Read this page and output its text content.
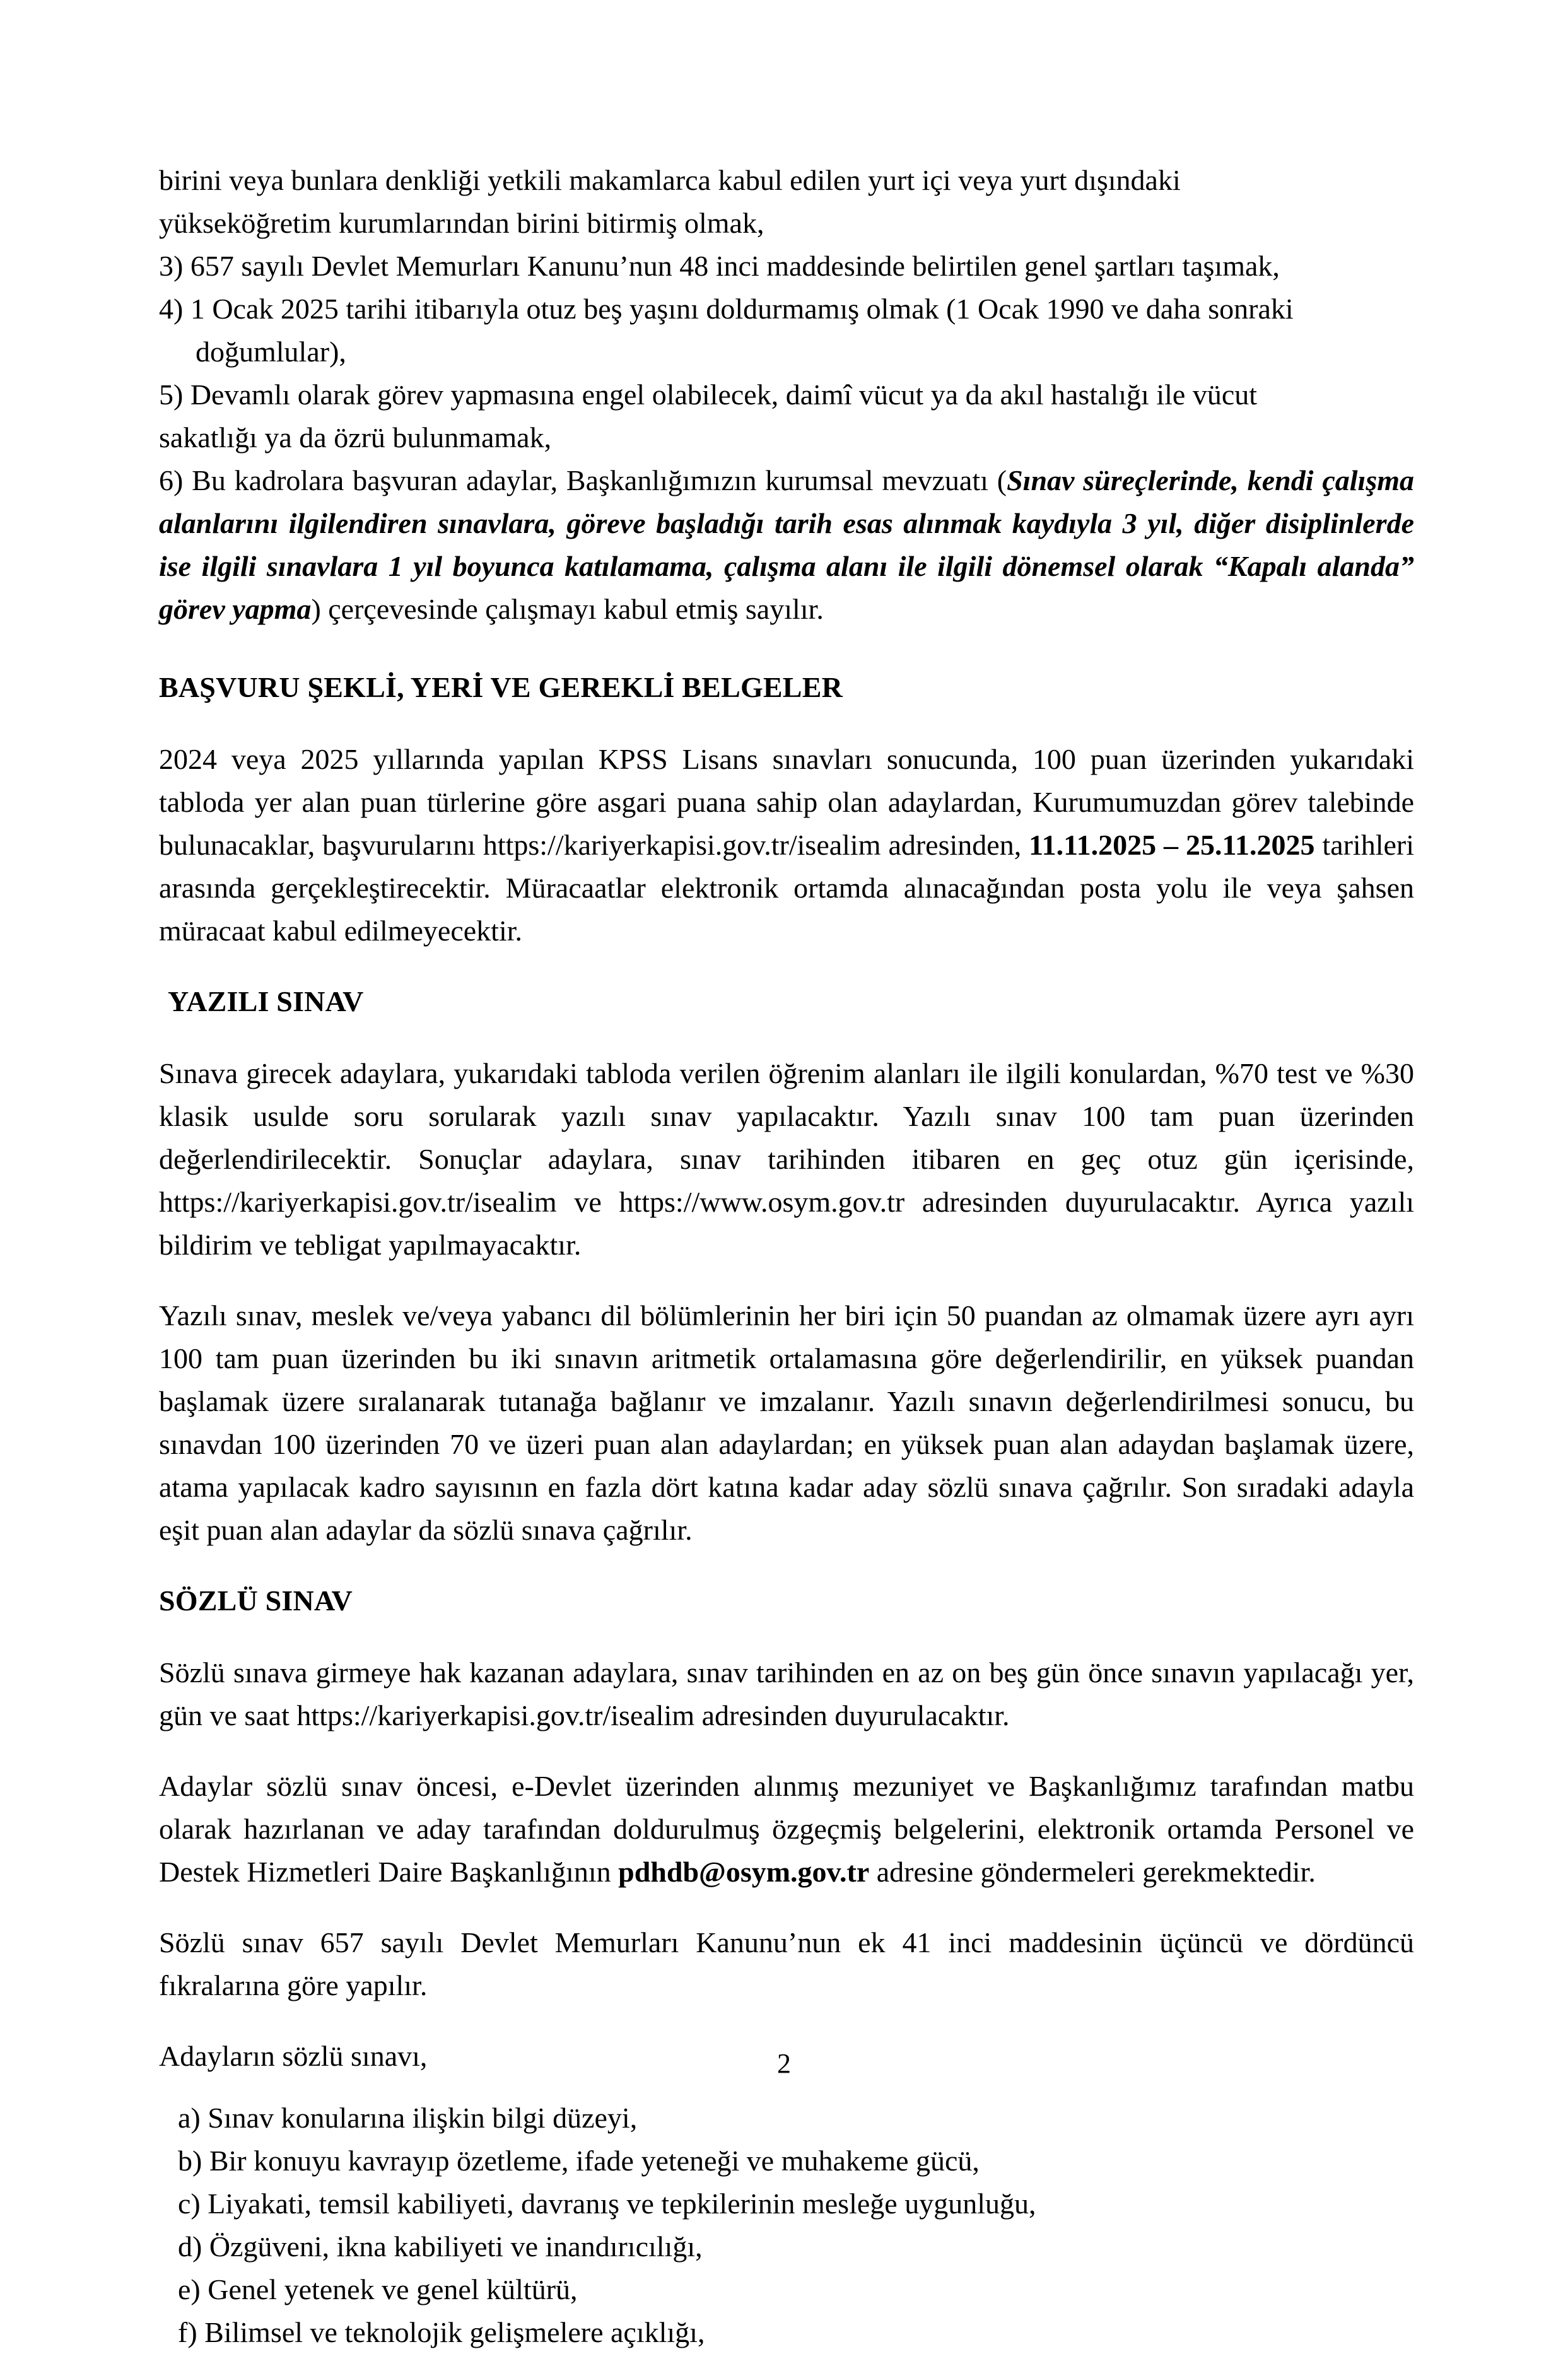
birini veya bunlara denkliği yetkili makamlarca kabul edilen yurt içi veya yurt dışındaki
yükseköğretim kurumlarından birini bitirmiş olmak,
3) 657 sayılı Devlet Memurları Kanunu’nun 48 inci maddesinde belirtilen genel şartları taşımak,
4) 1 Ocak 2025 tarihi itibarıyla otuz beş yaşını doldurmamış olmak (1 Ocak 1990 ve daha sonraki
doğumlular),
5) Devamlı olarak görev yapmasına engel olabilecek, daimî vücut ya da akıl hastalığı ile vücut
sakatlığı ya da özrü bulunmamak,

6) Bu kadrolara başvuran adaylar, Başkanlığımızın kurumsal mevzuatı (Sınav süreçlerinde, kendi çalışma alanlarını ilgilendiren sınavlara, göreve başladığı tarih esas alınmak kaydıyla 3 yıl, diğer disiplinlerde ise ilgili sınavlara 1 yıl boyunca katılamama, çalışma alanı ile ilgili dönemsel olarak “Kapalı alanda” görev yapma) çerçevesinde çalışmayı kabul etmiş sayılır.

BAŞVURU ŞEKLİ, YERİ VE GEREKLİ BELGELER

2024 veya 2025 yıllarında yapılan KPSS Lisans sınavları sonucunda, 100 puan üzerinden yukarıdaki tabloda yer alan puan türlerine göre asgari puana sahip olan adaylardan, Kurumumuzdan görev talebinde bulunacaklar, başvurularını https://kariyerkapisi.gov.tr/isealim adresinden, 11.11.2025 – 25.11.2025 tarihleri arasında gerçekleştirecektir. Müracaatlar elektronik ortamda alınacağından posta yolu ile veya şahsen müracaat kabul edilmeyecektir.

YAZILI SINAV

Sınava girecek adaylara, yukarıdaki tabloda verilen öğrenim alanları ile ilgili konulardan, %70 test ve %30 klasik usulde soru sorularak yazılı sınav yapılacaktır. Yazılı sınav 100 tam puan üzerinden değerlendirilecektir. Sonuçlar adaylara, sınav tarihinden itibaren en geç otuz gün içerisinde, https://kariyerkapisi.gov.tr/isealim ve https://www.osym.gov.tr adresinden duyurulacaktır. Ayrıca yazılı bildirim ve tebligat yapılmayacaktır.

Yazılı sınav, meslek ve/veya yabancı dil bölümlerinin her biri için 50 puandan az olmamak üzere ayrı ayrı 100 tam puan üzerinden bu iki sınavın aritmetik ortalamasına göre değerlendirilir, en yüksek puandan başlamak üzere sıralanarak tutanağa bağlanır ve imzalanır. Yazılı sınavın değerlendirilmesi sonucu, bu sınavdan 100 üzerinden 70 ve üzeri puan alan adaylardan; en yüksek puan alan adaydan başlamak üzere, atama yapılacak kadro sayısının en fazla dört katına kadar aday sözlü sınava çağrılır. Son sıradaki adayla eşit puan alan adaylar da sözlü sınava çağrılır.

SÖZLÜ SINAV

Sözlü sınava girmeye hak kazanan adaylara, sınav tarihinden en az on beş gün önce sınavın yapılacağı yer, gün ve saat https://kariyerkapisi.gov.tr/isealim adresinden duyurulacaktır.

Adaylar sözlü sınav öncesi, e-Devlet üzerinden alınmış mezuniyet ve Başkanlığımız tarafından matbu olarak hazırlanan ve aday tarafından doldurulmuş özgeçmiş belgelerini, elektronik ortamda Personel ve Destek Hizmetleri Daire Başkanlığının pdhdb@osym.gov.tr adresine göndermeleri gerekmektedir.

Sözlü sınav 657 sayılı Devlet Memurları Kanunu’nun ek 41 inci maddesinin üçüncü ve dördüncü fıkralarına göre yapılır.

Adayların sözlü sınavı,

a) Sınav konularına ilişkin bilgi düzeyi,
b) Bir konuyu kavrayıp özetleme, ifade yeteneği ve muhakeme gücü,
c) Liyakati, temsil kabiliyeti, davranış ve tepkilerinin mesleğe uygunluğu,
d) Özgüveni, ikna kabiliyeti ve inandırıcılığı,
e) Genel yetenek ve genel kültürü,
f) Bilimsel ve teknolojik gelişmelere açıklığı,
2
